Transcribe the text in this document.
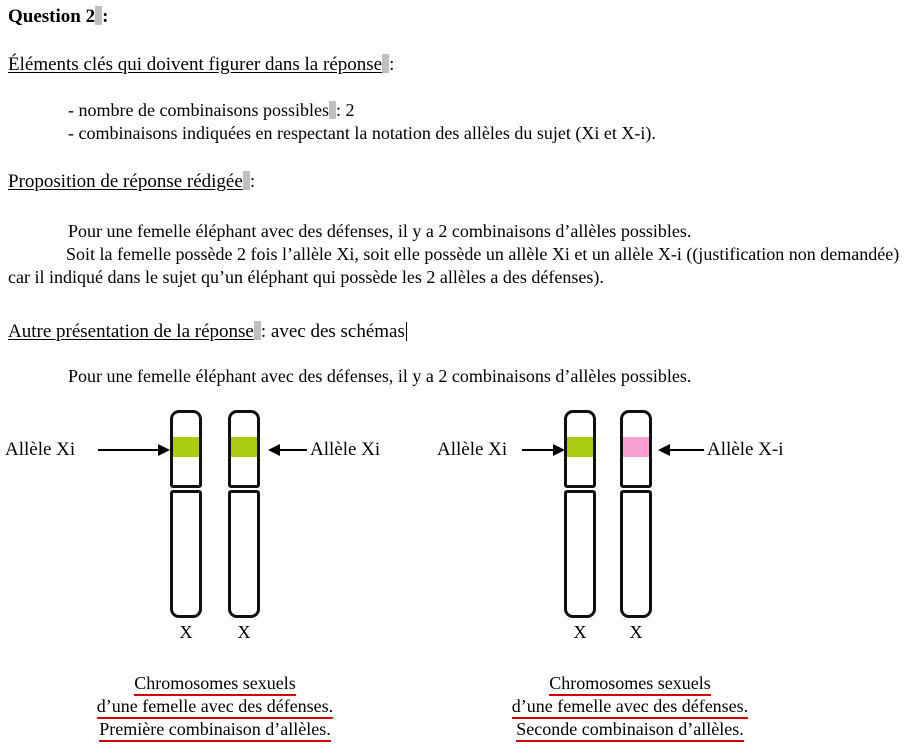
Question 2 :
Éléments clés qui doivent figurer dans la réponse :
- nombre de combinaisons possibles : 2
- combinaisons indiquées en respectant la notation des allèles du sujet (Xi et X-i).
Proposition de réponse rédigée :
Pour une femelle éléphant avec des défenses, il y a 2 combinaisons d’allèles possibles.
Soit la femelle possède 2 fois l’allèle Xi, soit elle possède un allèle Xi et un allèle X-i ((justification non demandée) car il indiqué dans le sujet qu’un éléphant qui possède les 2 allèles a des défenses).
Autre présentation de la réponse : avec des schémas
Pour une femelle éléphant avec des défenses, il y a 2 combinaisons d’allèles possibles.
Allèle Xi
X	X
Allèle Xi
Chromosomes sexuels
d’une femelle avec des défenses.
Première combinaison d’allèles.
Allèle Xi
X	X
Allèle X-i
Chromosomes sexuels
d’une femelle avec des défenses.
Seconde combinaison d’allèles.
